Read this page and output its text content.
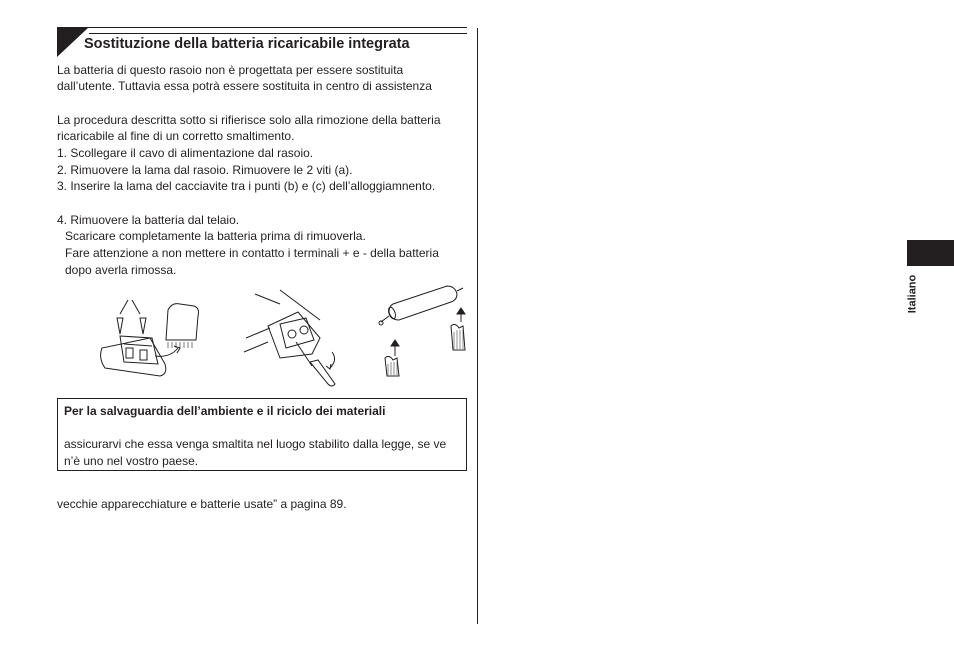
Sostituzione della batteria ricaricabile integrata
La batteria di questo rasoio non è progettata per essere sostituita
dall’utente. Tuttavia essa potrà essere sostituita in centro di assistenza
La procedura descritta sotto si rifierisce solo alla rimozione della batteria
ricaricabile al fine di un corretto smaltimento.
1. Scollegare il cavo di alimentazione dal rasoio.
2. Rimuovere la lama dal rasoio. Rimuovere le 2 viti (a).
3. Inserire la lama del cacciavite tra i punti (b) e (c) dell’alloggiamnento.
4. Rimuovere la batteria dal telaio.
Scaricare completamente la batteria prima di rimuoverla.
Fare attenzione a non mettere in contatto i terminali + e - della batteria
dopo averla rimossa.
Per la salvaguardia dell’ambiente e il riciclo dei materiali
assicurarvi che essa venga smaltita nel luogo stabilito dalla legge, se ve
n’è uno nel vostro paese.
vecchie apparecchiature e batterie usate” a pagina 89.
Italiano
